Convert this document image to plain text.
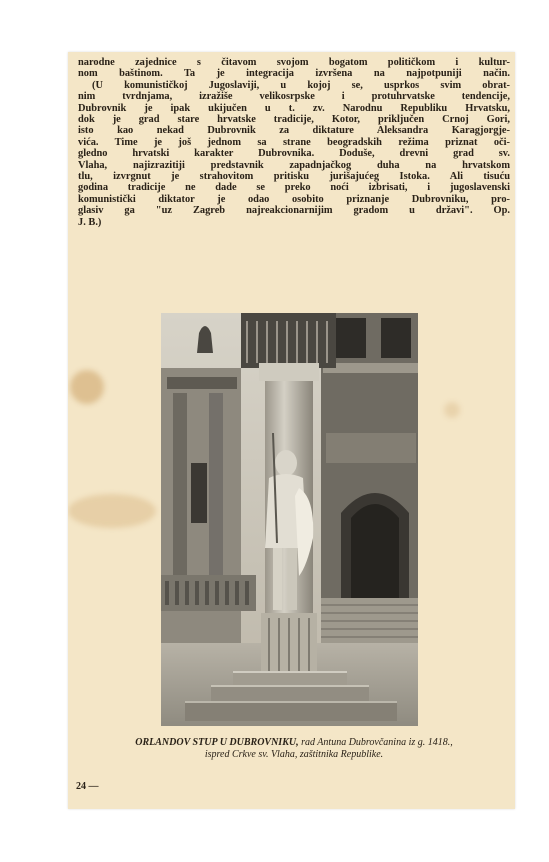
narodne zajednice s čitavom svojom bogatom političkom i kultur-
nom baštinom. Ta je integracija izvršena na najpotpuniji način.
(U komunističkoj Jugoslaviji, u kojoj se, usprkos svim obrat-
nim tvrdnjama, izražišе velikosrpske i protuhrvatske tendencije,
Dubrovnik je ipak ukijučen u t. zv. Narodnu Republiku Hrvatsku,
dok je grad stare hrvatske tradicije, Kotor, priključen Crnoj Gori,
isto kao nekad Dubrovnik za diktature Aleksandra Karagjorgje-
vića. Time je još jednom sa strane beogradskih režima priznat oči-
gledno hrvatski karakter Dubrovnika. Doduše, drevni grad sv.
Vlaha, najizrazitiji predstavnik zapadnjačkog duha na hrvatskom
tlu, izvrgnut je strahovitom pritisku jurišajućeg Istoka. Ali tisuću
godina tradicije ne dade se preko noći izbrisati, i jugoslavenski
komunistički diktator je odao osobito priznanje Dubrovniku, pro-
glasiv ga "uz Zagreb najreakcionarnijim gradom u državi". Op.
J. B.)
ORLANDOV STUP U DUBROVNIKU, rad Antuna Dubrovčanina iz g. 1418.,
ispred Crkve sv. Vlaha, zaštitnika Republike.
24 —
